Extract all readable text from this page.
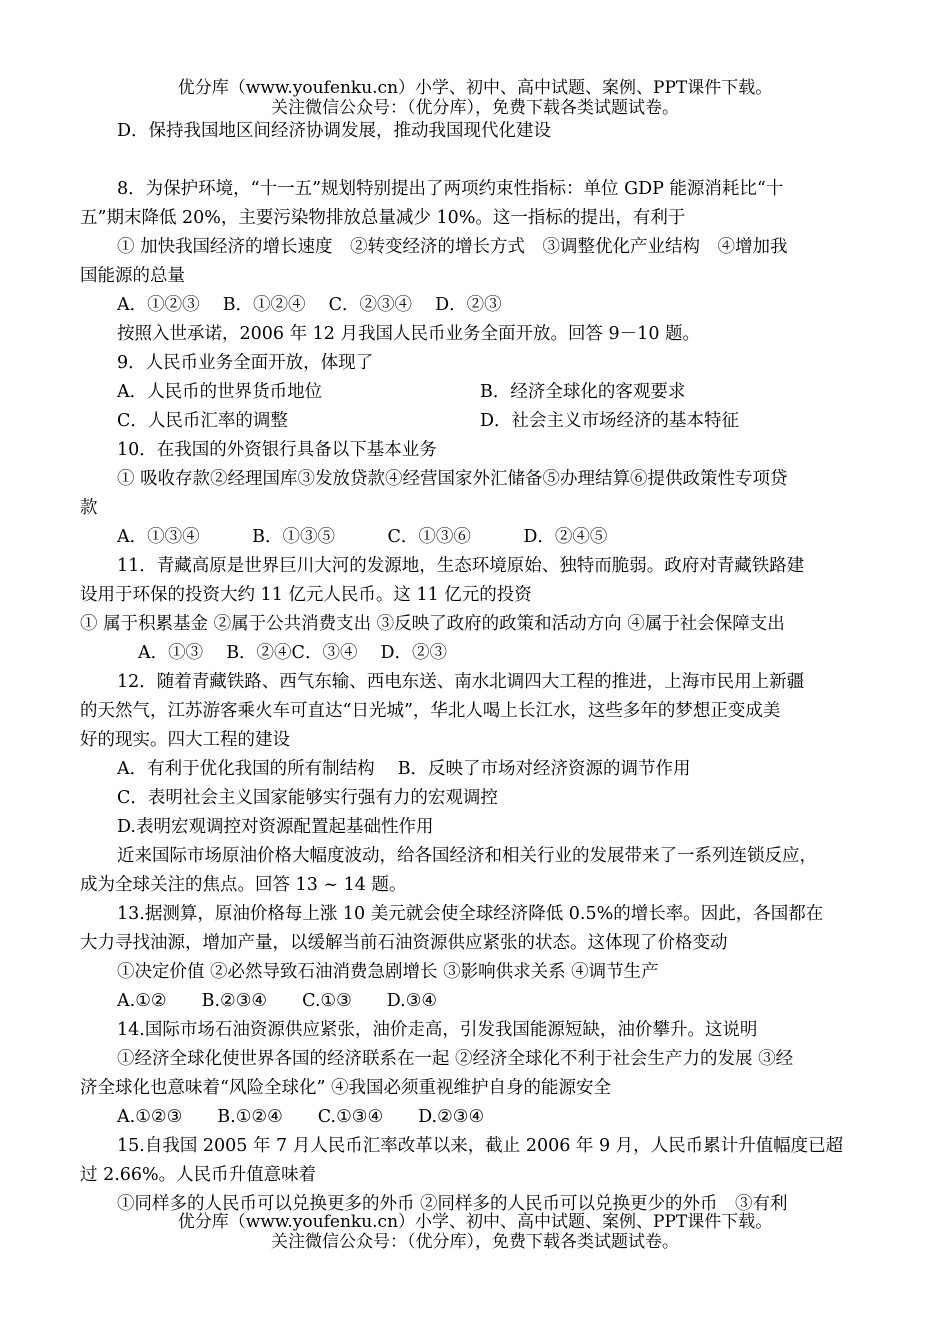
优分库（www.youfenku.cn）小学、初中、高中试题、案例、PPT课件下载。
关注微信公众号：（优分库），免费下载各类试题试卷。
D．保持我国地区间经济协调发展，推动我国现代化建设
8．为保护环境，“十一五”规划特别提出了两项约束性指标：单位 GDP 能源消耗比“十
五”期末降低 20%，主要污染物排放总量减少 10%。这一指标的提出，有利于
① 加快我国经济的增长速度　②转变经济的增长方式　③调整优化产业结构　④增加我
国能源的总量
A．①②③　 B．①②④　 C．②③④　 D．②③
按照入世承诺，2006 年 12 月我国人民币业务全面开放。回答 9－10 题。
9．人民币业务全面开放，体现了
A．人民币的世界货币地位	B．经济全球化的客观要求
C．人民币汇率的调整	D．社会主义市场经济的基本特征
10．在我国的外资银行具备以下基本业务
① 吸收存款②经理国库③发放贷款④经营国家外汇储备⑤办理结算⑥提供政策性专项贷
款
A．①③④　　　B．①③⑤　　　C．①③⑥　　　D．②④⑤
11．青藏高原是世界巨川大河的发源地，生态环境原始、独特而脆弱。政府对青藏铁路建
设用于环保的投资大约 11 亿元人民币。这 11 亿元的投资
① 属于积累基金 ②属于公共消费支出 ③反映了政府的政策和活动方向 ④属于社会保障支出
A．①③　 B．②④C．③④　 D．②③
12．随着青藏铁路、西气东输、西电东送、南水北调四大工程的推进，上海市民用上新疆
的天然气，江苏游客乘火车可直达“日光城”，华北人喝上长江水，这些多年的梦想正变成美
好的现实。四大工程的建设
A．有利于优化我国的所有制结构　 B．反映了市场对经济资源的调节作用
C．表明社会主义国家能够实行强有力的宏观调控
D.表明宏观调控对资源配置起基础性作用
近来国际市场原油价格大幅度波动，给各国经济和相关行业的发展带来了一系列连锁反应，
成为全球关注的焦点。回答 13 ~ 14 题。
13.据测算，原油价格每上涨 10 美元就会使全球经济降低 0.5%的增长率。因此，各国都在
大力寻找油源，增加产量，以缓解当前石油资源供应紧张的状态。这体现了价格变动
①决定价值 ②必然导致石油消费急剧增长 ③影响供求关系 ④调节生产
A.①②　　B.②③④　　C.①③　　D.③④
14.国际市场石油资源供应紧张，油价走高，引发我国能源短缺，油价攀升。这说明
①经济全球化使世界各国的经济联系在一起 ②经济全球化不利于社会生产力的发展 ③经
济全球化也意味着“风险全球化” ④我国必须重视维护自身的能源安全
A.①②③　　B.①②④　　C.①③④　　D.②③④
15.自我国 2005 年 7 月人民币汇率改革以来，截止 2006 年 9 月，人民币累计升值幅度已超
过 2.66%。人民币升值意味着
①同样多的人民币可以兑换更多的外币 ②同样多的人民币可以兑换更少的外币　③有利
优分库（www.youfenku.cn）小学、初中、高中试题、案例、PPT课件下载。
关注微信公众号：（优分库），免费下载各类试题试卷。
